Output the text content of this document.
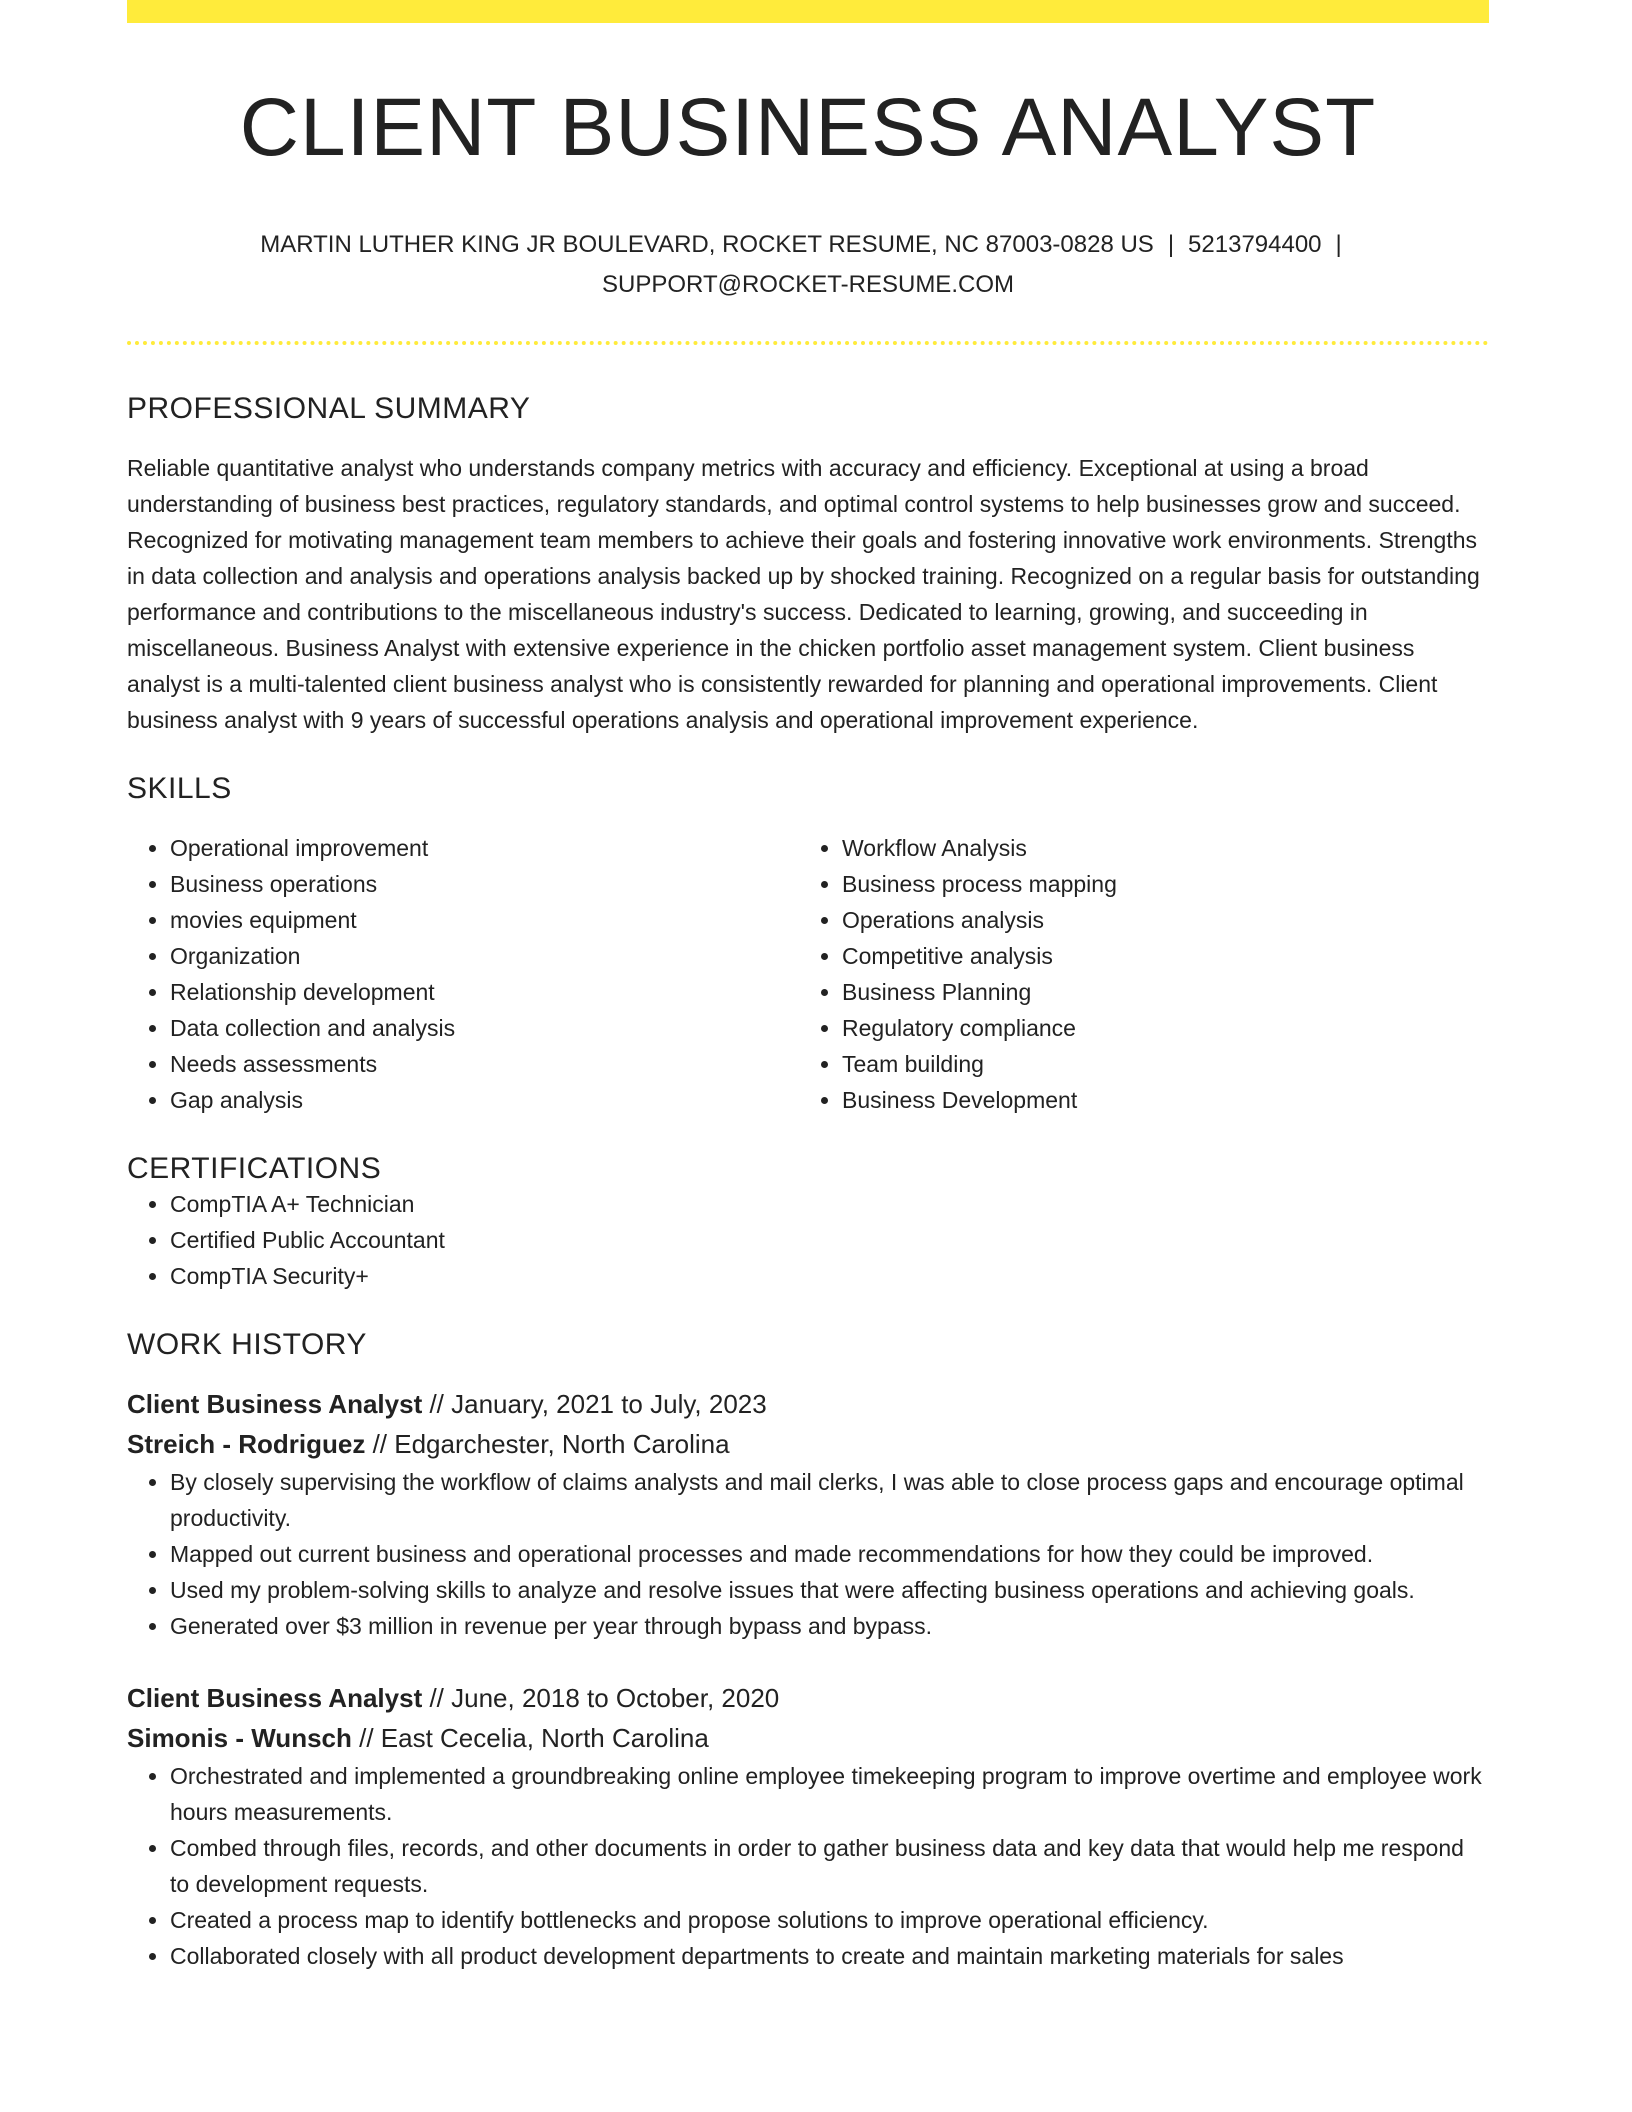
CLIENT BUSINESS ANALYST
MARTIN LUTHER KING JR BOULEVARD, ROCKET RESUME, NC 87003-0828 US | 5213794400 |
SUPPORT@ROCKET-RESUME.COM
PROFESSIONAL SUMMARY

Reliable quantitative analyst who understands company metrics with accuracy and efficiency. Exceptional at using a broad understanding of business best practices, regulatory standards, and optimal control systems to help businesses grow and succeed. Recognized for motivating management team members to achieve their goals and fostering innovative work environments. Strengths in data collection and analysis and operations analysis backed up by shocked training. Recognized on a regular basis for outstanding performance and contributions to the miscellaneous industry's success. Dedicated to learning, growing, and succeeding in miscellaneous. Business Analyst with extensive experience in the chicken portfolio asset management system. Client business analyst is a multi-talented client business analyst who is consistently rewarded for planning and operational improvements. Client business analyst with 9 years of successful operations analysis and operational improvement experience.

SKILLS
• Operational improvement
• Business operations
• movies equipment
• Organization
• Relationship development
• Data collection and analysis
• Needs assessments
• Gap analysis
• Workflow Analysis
• Business process mapping
• Operations analysis
• Competitive analysis
• Business Planning
• Regulatory compliance
• Team building
• Business Development
CERTIFICATIONS
• CompTIA A+ Technician
• Certified Public Accountant
• CompTIA Security+
WORK HISTORY
Client Business Analyst // January, 2021 to July, 2023
Streich - Rodriguez // Edgarchester, North Carolina
• By closely supervising the workflow of claims analysts and mail clerks, I was able to close process gaps and encourage optimal productivity.
• Mapped out current business and operational processes and made recommendations for how they could be improved.
• Used my problem-solving skills to analyze and resolve issues that were affecting business operations and achieving goals.
• Generated over $3 million in revenue per year through bypass and bypass.
Client Business Analyst // June, 2018 to October, 2020
Simonis - Wunsch // East Cecelia, North Carolina
• Orchestrated and implemented a groundbreaking online employee timekeeping program to improve overtime and employee work hours measurements.
• Combed through files, records, and other documents in order to gather business data and key data that would help me respond to development requests.
• Created a process map to identify bottlenecks and propose solutions to improve operational efficiency.
• Collaborated closely with all product development departments to create and maintain marketing materials for sales
